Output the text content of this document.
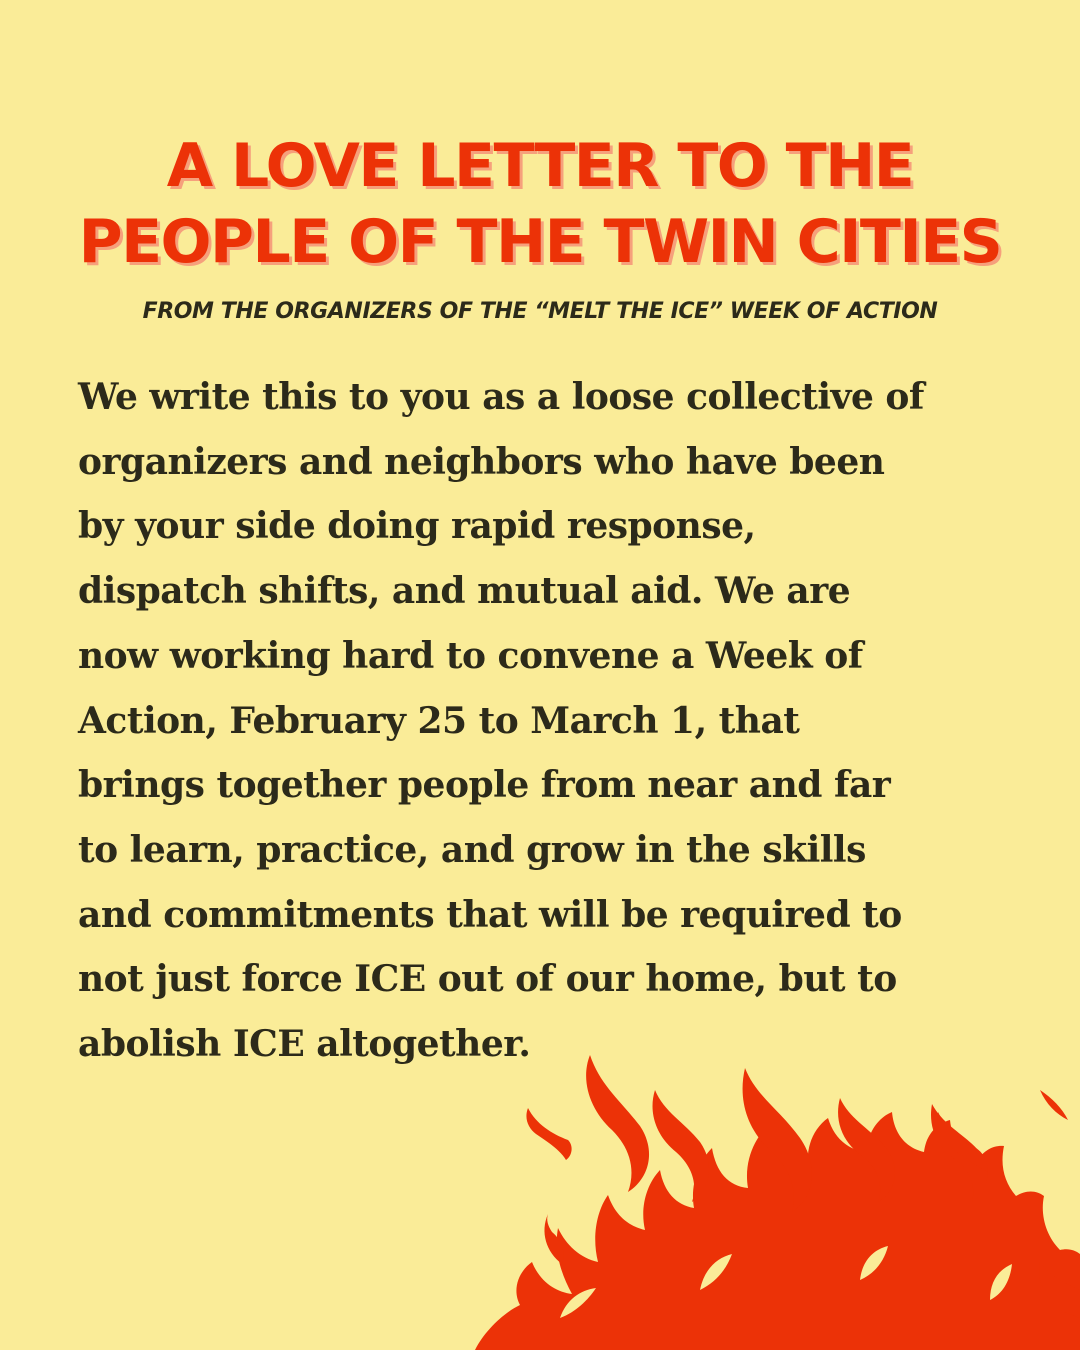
A LOVE LETTER TO THE
PEOPLE OF THE TWIN CITIES

FROM THE ORGANIZERS OF THE “MELT THE ICE” WEEK OF ACTION

We write this to you as a loose collective of
organizers and neighbors who have been
by your side doing rapid response,
dispatch shifts, and mutual aid. We are
now working hard to convene a Week of
Action, February 25 to March 1, that
brings together people from near and far
to learn, practice, and grow in the skills
and commitments that will be required to
not just force ICE out of our home, but to
abolish ICE altogether.
